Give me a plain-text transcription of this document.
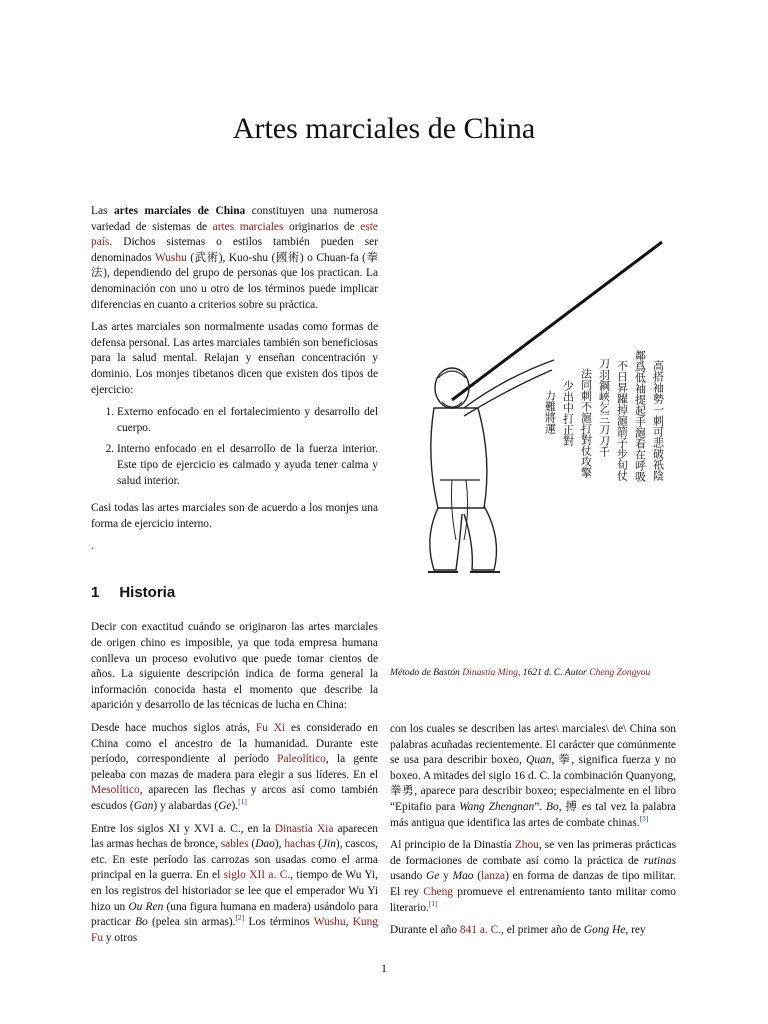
Artes marciales de China

Las artes marciales de China constituyen una numerosa variedad de sistemas de artes marciales originarios de este país. Dichos sistemas o estilos también pueden ser denominados Wushu (武術), Kuo-shu (國術) o Chuan-fa (拳法), dependiendo del grupo de personas que los practican. La denominación con uno u otro de los términos puede implicar diferencias en cuanto a criterios sobre su práctica.

Las artes marciales son normalmente usadas como formas de defensa personal. Las artes marciales también son beneficiosas para la salud mental. Relajan y enseñan concentración y dominio. Los monjes tibetanos dicen que existen dos tipos de ejercicio:

1. Externo enfocado en el fortalecimiento y desarrollo del cuerpo.
2. Interno enfocado en el desarrollo de la fuerza interior. Este tipo de ejercicio es calmado y ayuda tener calma y salud interior.

Casi todas las artes marciales son de acuerdo a los monjes una forma de ejercicio interno.

.

1 Historia

Decir con exactitud cuándo se originaron las artes marciales de origen chino es imposible, ya que toda empresa humana conlleva un proceso evolutivo que puede tomar cientos de años. La siguiente descripción indica de forma general la información conocida hasta el momento que describe la aparición y desarrollo de las técnicas de lucha en China:

Desde hace muchos siglos atrás, Fu Xi es considerado en China como el ancestro de la humanidad. Durante este período, correspondiente al período Paleolítico, la gente peleaba con mazas de madera para elegir a sus líderes. En el Mesolítico, aparecen las flechas y arcos así como también escudos (Gan) y alabardas (Ge).[1]

Entre los siglos XI y XVI a. C., en la Dinastía Xia aparecen las armas hechas de bronce, sables (Dao), hachas (Jin), cascos, etc. En este período las carrozas son usadas como el arma principal en la guerra. En el siglo XII a. C., tiempo de Wu Yi, en los registros del historiador se lee que el emperador Wu Yi hizo un Ou Ren (una figura humana en madera) usándolo para practicar Bo (pelea sin armas).[2] Los términos Wushu, Kung Fu y otros

高搭袖勢一刺可悲破祇陰
鄰爲低袖提起手滬看在呼吸
不日昇躍掉滬箭子步旬仗
刀羽鋼峽乞三刀刀千
法同刺不滬打對仗攻擎
少出中打正對
力難將運
Método de Bastón Dinastía Ming, 1621 d. C. Autor Cheng Zongyou

con los cuales se describen las artes\ marciales\ de\ China son palabras acuñadas recientemente. El carácter que comúnmente se usa para describir boxeo, Quan, 拳, significa fuerza y no boxeo. A mitades del siglo 16 d. C. la combinación Quanyong, 拳勇, aparece para describir boxeo; especialmente en el libro “Epitafio para Wang Zhengnan”. Bo, 搏 es tal vez la palabra más antigua que identifica las artes de combate chinas.[3]

Al principio de la Dinastía Zhou, se ven las primeras prácticas de formaciones de combate así como la práctica de rutinas usando Ge y Mao (lanza) en forma de danzas de tipo militar. El rey Cheng promueve el entrenamiento tanto militar como literario.[1]

Durante el año 841 a. C., el primer año de Gong He, rey

1
